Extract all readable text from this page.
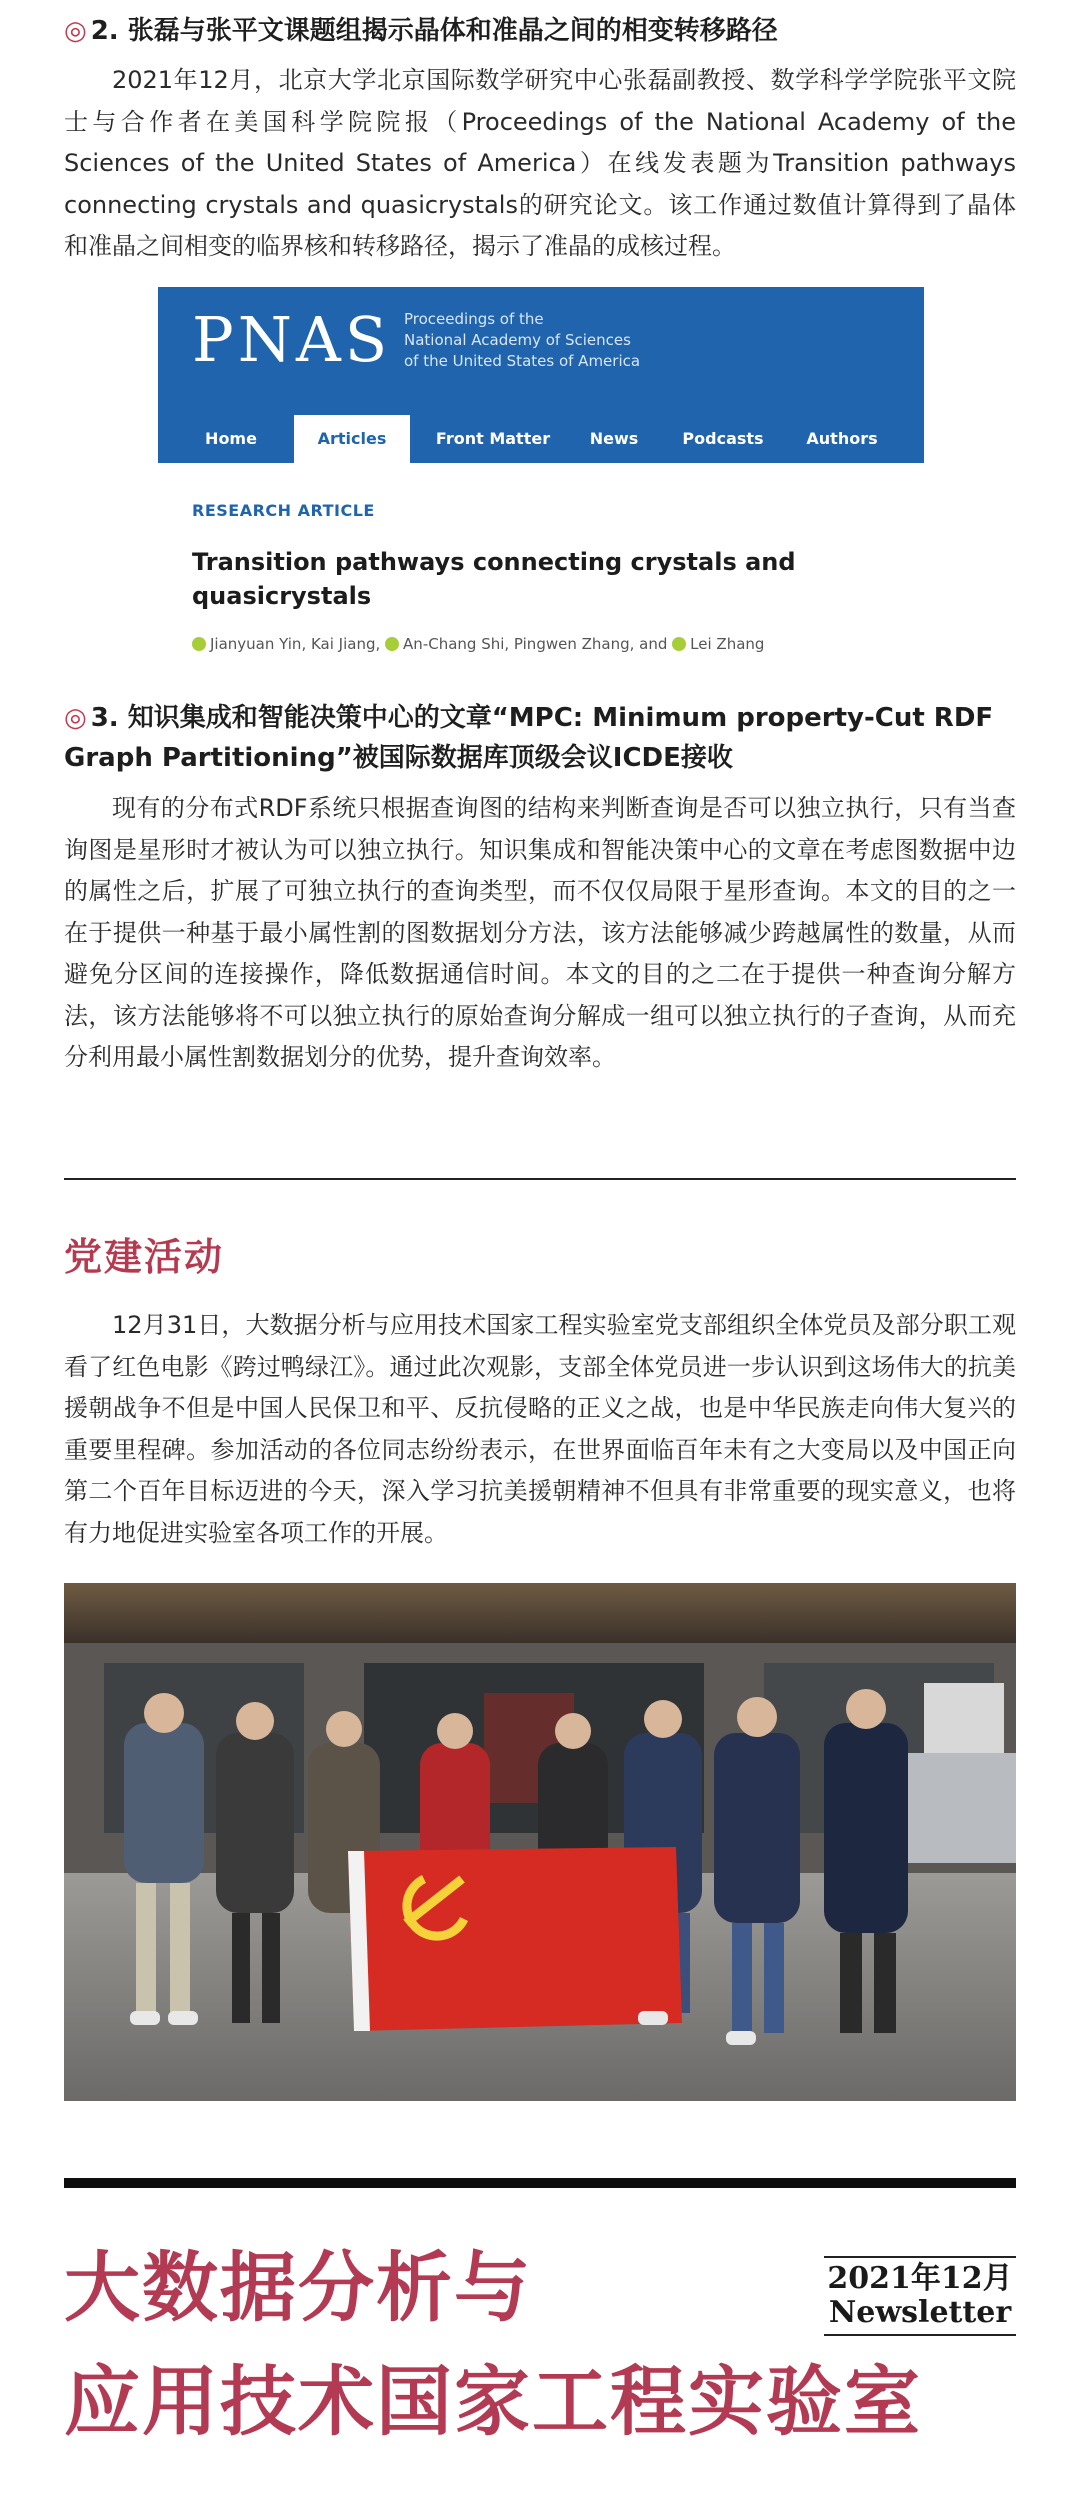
◎ 2. 张磊与张平文课题组揭示晶体和准晶之间的相变转移路径

2021年12月，北京大学北京国际数学研究中心张磊副教授、数学科学学院张平文院士与合作者在美国科学院院报（Proceedings of the National Academy of the Sciences of the United States of America）在线发表题为Transition pathways connecting crystals and quasicrystals的研究论文。该工作通过数值计算得到了晶体和准晶之间相变的临界核和转移路径，揭示了准晶的成核过程。

PNAS Proceedings of the
National Academy of Sciences
of the United States of America
Home	Articles	Front Matter	News	Podcasts	Authors
RESEARCH ARTICLE
Transition pathways connecting crystals and quasicrystals
Jianyuan Yin, Kai Jiang, An-Chang Shi, Pingwen Zhang, and Lei Zhang
◎ 3. 知识集成和智能决策中心的文章“MPC: Minimum property-Cut RDF Graph Partitioning”被国际数据库顶级会议ICDE接收

现有的分布式RDF系统只根据查询图的结构来判断查询是否可以独立执行，只有当查询图是星形时才被认为可以独立执行。知识集成和智能决策中心的文章在考虑图数据中边的属性之后，扩展了可独立执行的查询类型，而不仅仅局限于星形查询。本文的目的之一在于提供一种基于最小属性割的图数据划分方法，该方法能够减少跨越属性的数量，从而避免分区间的连接操作，降低数据通信时间。本文的目的之二在于提供一种查询分解方法，该方法能够将不可以独立执行的原始查询分解成一组可以独立执行的子查询，从而充分利用最小属性割数据划分的优势，提升查询效率。

党建活动

12月31日，大数据分析与应用技术国家工程实验室党支部组织全体党员及部分职工观看了红色电影《跨过鸭绿江》。通过此次观影，支部全体党员进一步认识到这场伟大的抗美援朝战争不但是中国人民保卫和平、反抗侵略的正义之战，也是中华民族走向伟大复兴的重要里程碑。参加活动的各位同志纷纷表示，在世界面临百年未有之大变局以及中国正向第二个百年目标迈进的今天，深入学习抗美援朝精神不但具有非常重要的现实意义，也将有力地促进实验室各项工作的开展。

大数据分析与
应用技术国家工程实验室
2021年12月
Newsletter
